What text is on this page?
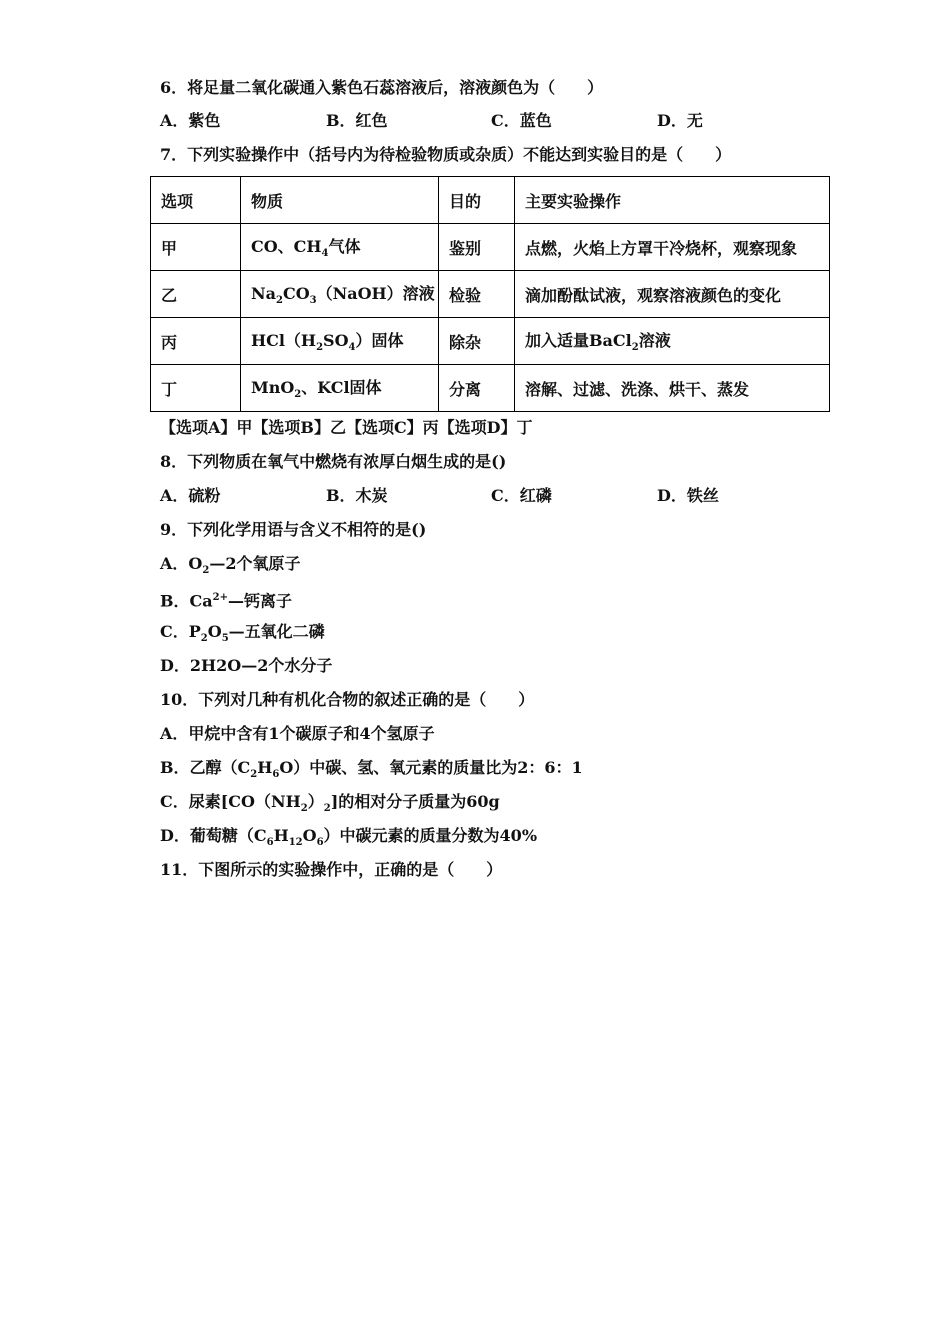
6．将足量二氧化碳通入紫色石蕊溶液后，溶液颜色为（　　）
A．紫色	B．红色	C．蓝色	D．无
7．下列实验操作中（括号内为待检验物质或杂质）不能达到实验目的是（　　）
选项	物质	目的	主要实验操作
甲	CO、$CH_4$气体	鉴别	点燃，火焰上方罩干冷烧杯，观察现象
乙	$Na_2CO_3(NaOH)$溶液	检验	滴加酚酞试液，观察溶液颜色的变化
丙	$HCl(H_2SO_4)$固体	除杂	加入适量BaCl$_2$溶液
丁	MnO$_2$、KCl固体	分离	溶解、过滤、洗涤、烘干、蒸发
【选项A】甲【选项B】乙【选项C】丙【选项D】丁
8．下列物质在氧气中燃烧有浓厚白烟生成的是()
A．硫粉	B．木炭	C．红磷	D．铁丝
9．下列化学用语与含义不相符的是()
A．$O_2—2$个氧原子
B．$Ca^{2+}—$钙离子
C．$P_2O_5—$五氧化二磷
D．2H2O—2个水分子
10．下列对几种有机化合物的叙述正确的是（　　）
A．甲烷中含有1个碳原子和4个氢原子
B．乙醇$(C_2H_6O)$中碳、氢、氧元素的质量比为2：6：1
C．尿素$[CO(NH_2)_2]$的相对分子质量为60g
D．葡萄糖$(C_6H_{12}O_6)$中碳元素的质量分数为40%
11．下图所示的实验操作中，正确的是（　　）
